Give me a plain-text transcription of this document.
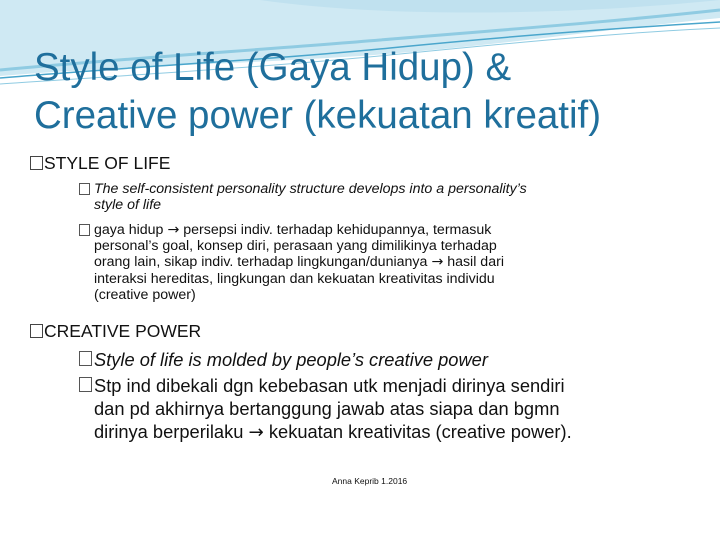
Style of Life (Gaya Hidup) &
Creative power (kekuatan kreatif)
STYLE OF LIFE
The self-consistent personality structure develops into a personality’s
style of life
gaya hidup → persepsi indiv. terhadap kehidupannya, termasuk
personal’s goal, konsep diri, perasaan yang dimilikinya terhadap
orang lain, sikap indiv. terhadap lingkungan/dunianya → hasil dari
interaksi hereditas, lingkungan dan kekuatan kreativitas individu
(creative power)
CREATIVE POWER
Style of life is molded by people’s creative power
Stp ind dibekali dgn kebebasan utk menjadi dirinya sendiri
dan pd akhirnya bertanggung jawab atas siapa dan bgmn
dirinya berperilaku → kekuatan kreativitas (creative power).
Anna Keprib 1.2016
